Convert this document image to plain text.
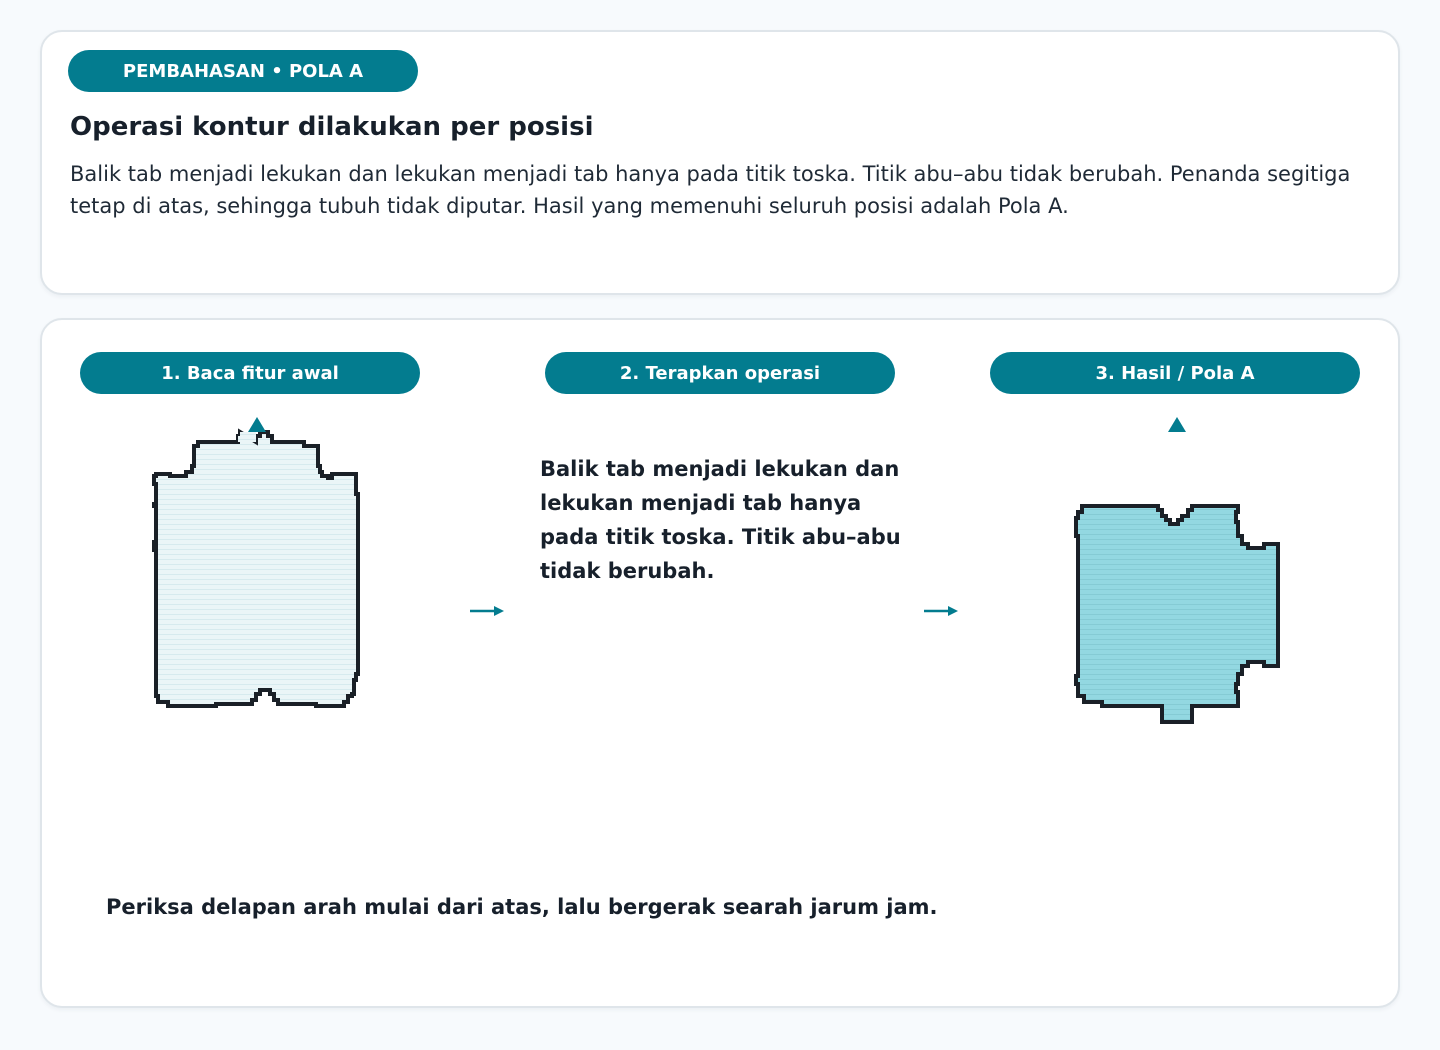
PEMBAHASAN • POLA A
Operasi kontur dilakukan per posisi
Balik tab menjadi lekukan dan lekukan menjadi tab hanya pada titik toska. Titik abu–abu tidak berubah. Penanda segitiga tetap di atas, sehingga tubuh tidak diputar. Hasil yang memenuhi seluruh posisi adalah Pola A.
1. Baca fitur awal	2. Terapkan operasi	3. Hasil / Pola A
Balik tab menjadi lekukan dan lekukan menjadi tab hanya pada titik toska. Titik abu–abu tidak berubah.
Periksa delapan arah mulai dari atas, lalu bergerak searah jarum jam.
